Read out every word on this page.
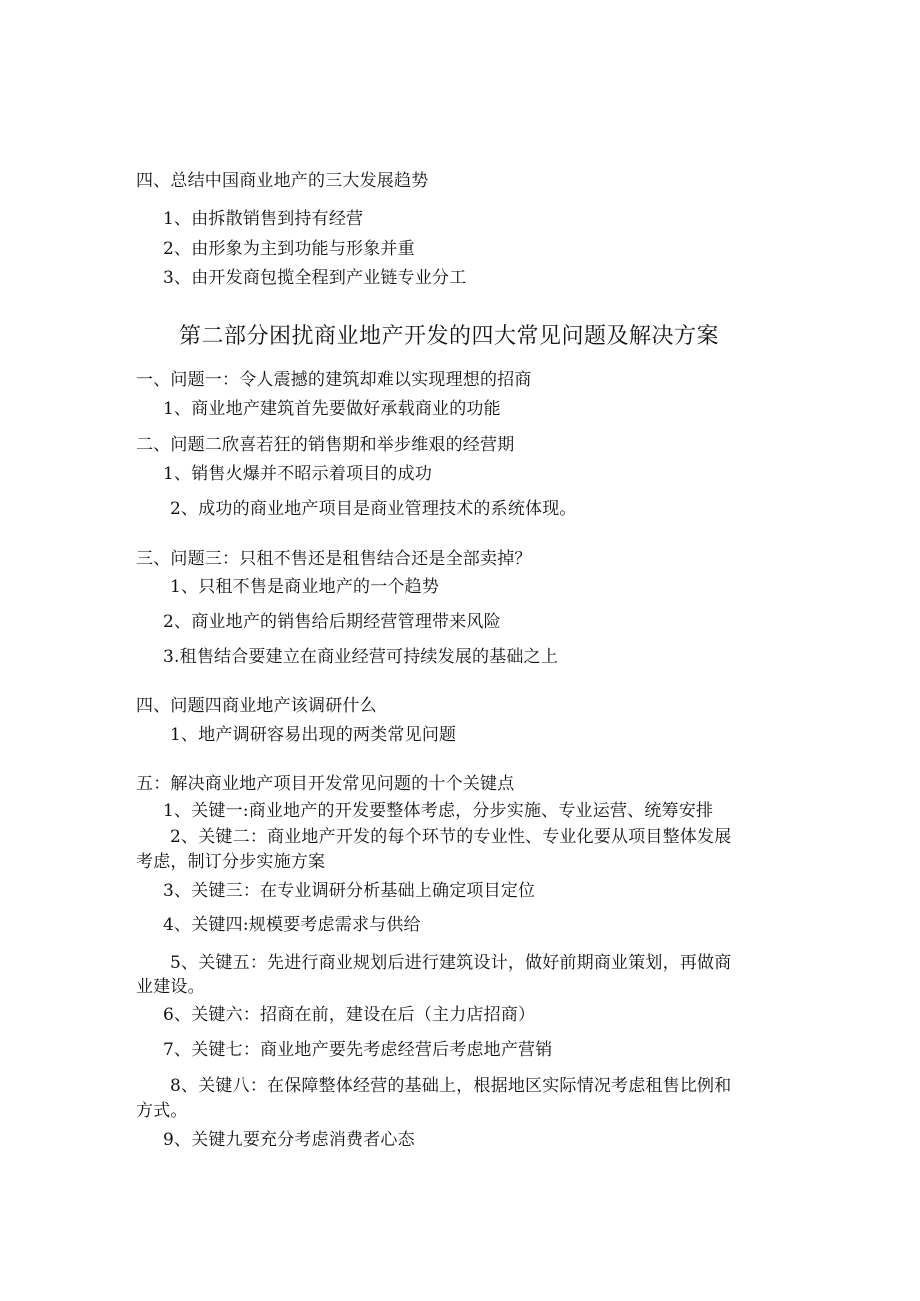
四、总结中国商业地产的三大发展趋势
1、由拆散销售到持有经营
2、由形象为主到功能与形象并重
3、由开发商包揽全程到产业链专业分工
第二部分困扰商业地产开发的四大常见问题及解决方案
一、问题一：令人震撼的建筑却难以实现理想的招商
1、商业地产建筑首先要做好承载商业的功能
二、问题二欣喜若狂的销售期和举步维艰的经营期
1、销售火爆并不昭示着项目的成功
2、成功的商业地产项目是商业管理技术的系统体现。
三、问题三：只租不售还是租售结合还是全部卖掉？
1、只租不售是商业地产的一个趋势
2、商业地产的销售给后期经营管理带来风险
3.租售结合要建立在商业经营可持续发展的基础之上
四、问题四商业地产该调研什么
1、地产调研容易出现的两类常见问题
五：解决商业地产项目开发常见问题的十个关键点
1、关键一:商业地产的开发要整体考虑，分步实施、专业运营、统筹安排
2、关键二：商业地产开发的每个环节的专业性、专业化要从项目整体发展
考虑，制订分步实施方案
3、关键三：在专业调研分析基础上确定项目定位
4、关键四:规模要考虑需求与供给
5、关键五：先进行商业规划后进行建筑设计，做好前期商业策划，再做商
业建设。
6、关键六：招商在前，建设在后（主力店招商）
7、关键七：商业地产要先考虑经营后考虑地产营销
8、关键八：在保障整体经营的基础上，根据地区实际情况考虑租售比例和
方式。
9、关键九要充分考虑消费者心态
